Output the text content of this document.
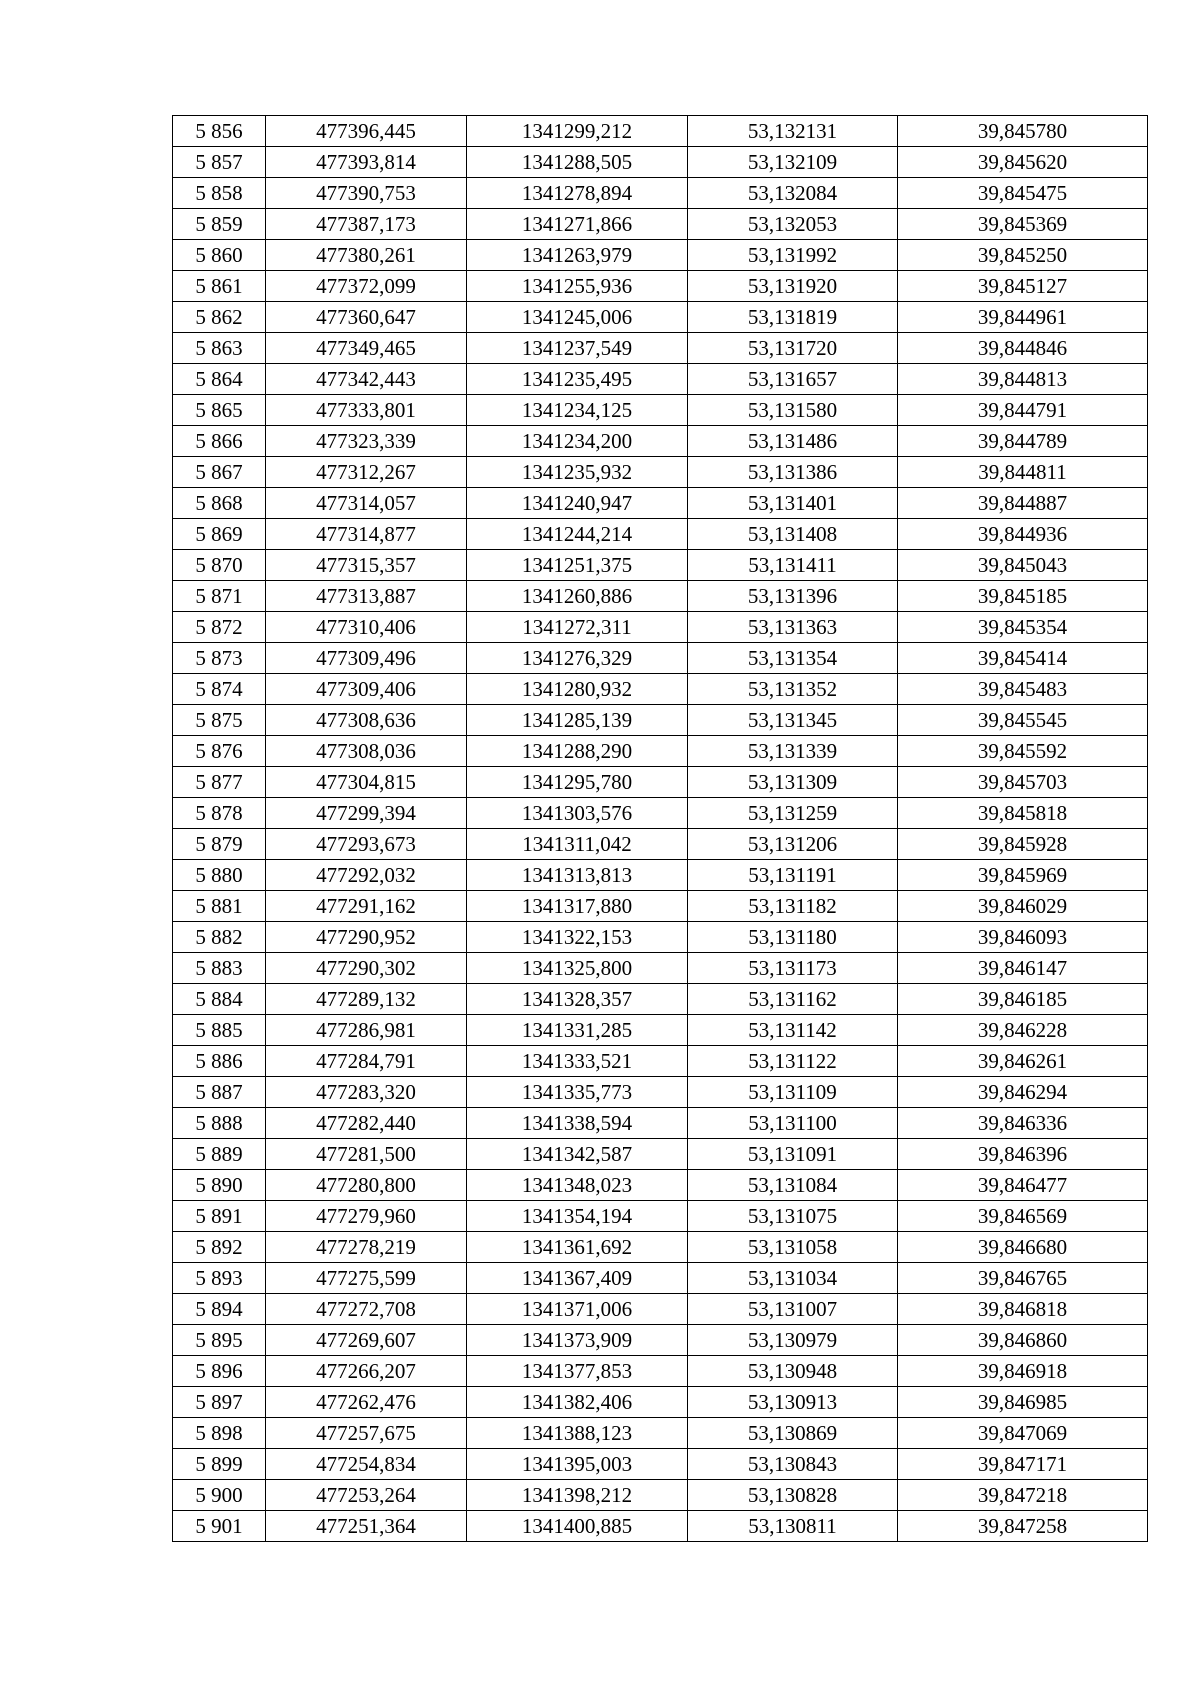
5 856	477396,445	1341299,212	53,132131	39,845780
5 857	477393,814	1341288,505	53,132109	39,845620
5 858	477390,753	1341278,894	53,132084	39,845475
5 859	477387,173	1341271,866	53,132053	39,845369
5 860	477380,261	1341263,979	53,131992	39,845250
5 861	477372,099	1341255,936	53,131920	39,845127
5 862	477360,647	1341245,006	53,131819	39,844961
5 863	477349,465	1341237,549	53,131720	39,844846
5 864	477342,443	1341235,495	53,131657	39,844813
5 865	477333,801	1341234,125	53,131580	39,844791
5 866	477323,339	1341234,200	53,131486	39,844789
5 867	477312,267	1341235,932	53,131386	39,844811
5 868	477314,057	1341240,947	53,131401	39,844887
5 869	477314,877	1341244,214	53,131408	39,844936
5 870	477315,357	1341251,375	53,131411	39,845043
5 871	477313,887	1341260,886	53,131396	39,845185
5 872	477310,406	1341272,311	53,131363	39,845354
5 873	477309,496	1341276,329	53,131354	39,845414
5 874	477309,406	1341280,932	53,131352	39,845483
5 875	477308,636	1341285,139	53,131345	39,845545
5 876	477308,036	1341288,290	53,131339	39,845592
5 877	477304,815	1341295,780	53,131309	39,845703
5 878	477299,394	1341303,576	53,131259	39,845818
5 879	477293,673	1341311,042	53,131206	39,845928
5 880	477292,032	1341313,813	53,131191	39,845969
5 881	477291,162	1341317,880	53,131182	39,846029
5 882	477290,952	1341322,153	53,131180	39,846093
5 883	477290,302	1341325,800	53,131173	39,846147
5 884	477289,132	1341328,357	53,131162	39,846185
5 885	477286,981	1341331,285	53,131142	39,846228
5 886	477284,791	1341333,521	53,131122	39,846261
5 887	477283,320	1341335,773	53,131109	39,846294
5 888	477282,440	1341338,594	53,131100	39,846336
5 889	477281,500	1341342,587	53,131091	39,846396
5 890	477280,800	1341348,023	53,131084	39,846477
5 891	477279,960	1341354,194	53,131075	39,846569
5 892	477278,219	1341361,692	53,131058	39,846680
5 893	477275,599	1341367,409	53,131034	39,846765
5 894	477272,708	1341371,006	53,131007	39,846818
5 895	477269,607	1341373,909	53,130979	39,846860
5 896	477266,207	1341377,853	53,130948	39,846918
5 897	477262,476	1341382,406	53,130913	39,846985
5 898	477257,675	1341388,123	53,130869	39,847069
5 899	477254,834	1341395,003	53,130843	39,847171
5 900	477253,264	1341398,212	53,130828	39,847218
5 901	477251,364	1341400,885	53,130811	39,847258
